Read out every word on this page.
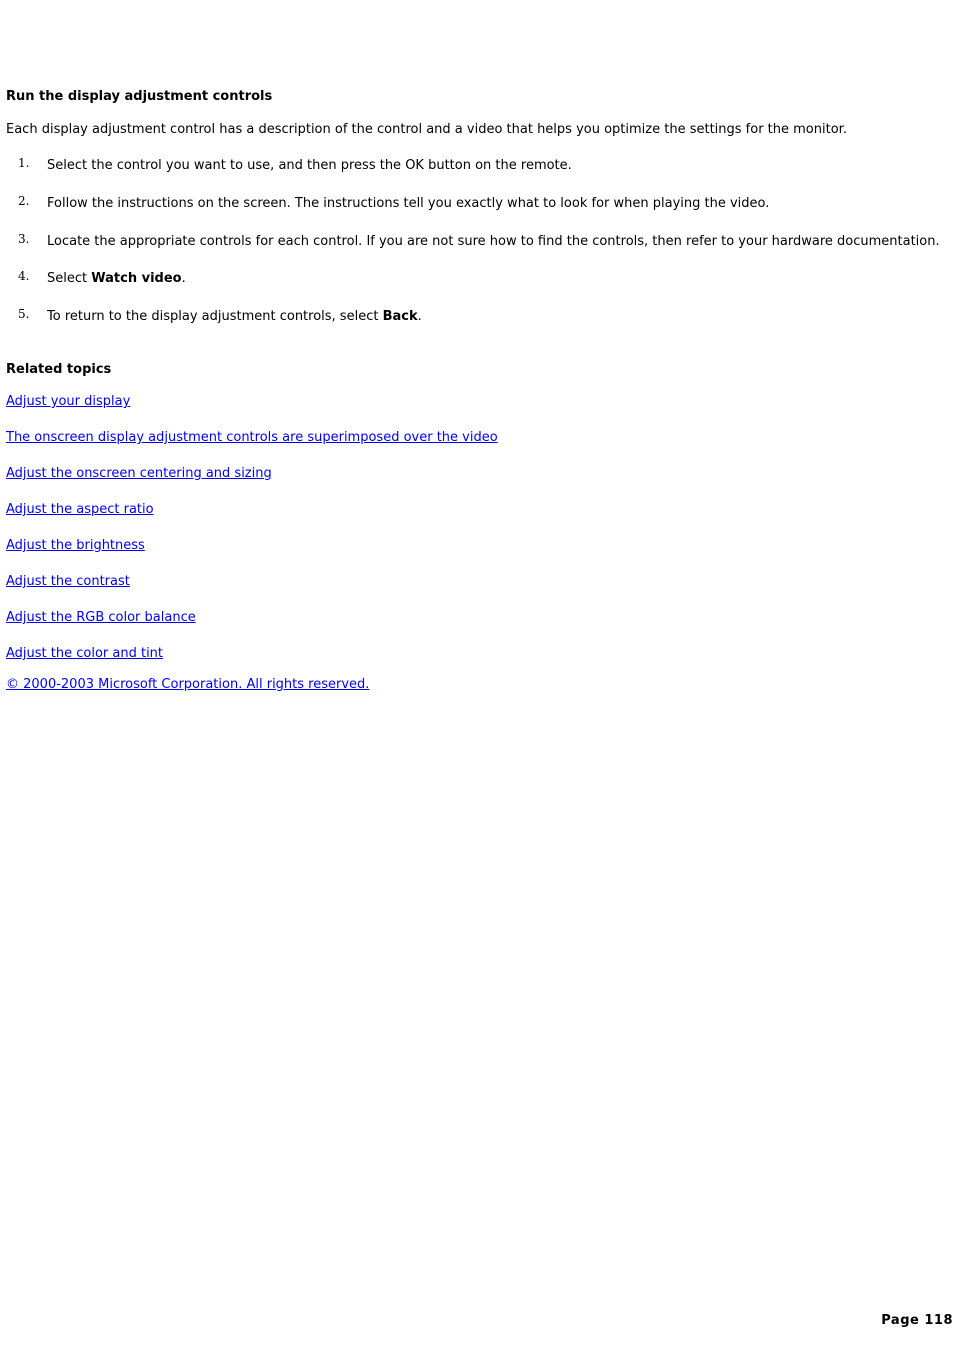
Run the display adjustment controls

Each display adjustment control has a description of the control and a video that helps you optimize the settings for the monitor.

1. Select the control you want to use, and then press the OK button on the remote.
2. Follow the instructions on the screen. The instructions tell you exactly what to look for when playing the video.
3. Locate the appropriate controls for each control. If you are not sure how to find the controls, then refer to your hardware documentation.
4. Select Watch video.
5. To return to the display adjustment controls, select Back.
Related topics
Adjust your display
The onscreen display adjustment controls are superimposed over the video
Adjust the onscreen centering and sizing
Adjust the aspect ratio
Adjust the brightness
Adjust the contrast
Adjust the RGB color balance
Adjust the color and tint
© 2000-2003 Microsoft Corporation. All rights reserved.
Page 118
